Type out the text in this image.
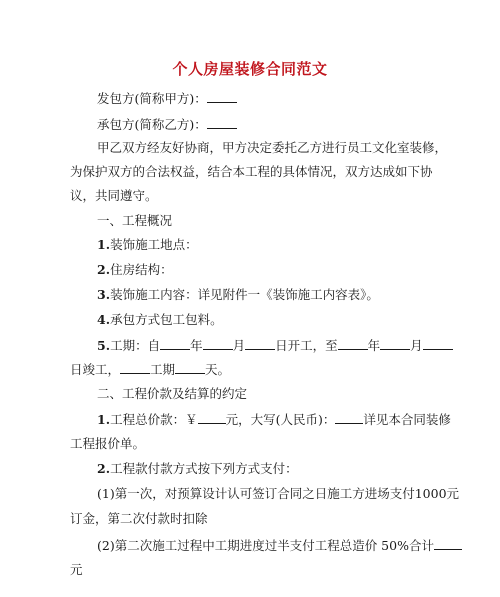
个人房屋装修合同范文
发包方(简称甲方)：
承包方(简称乙方)：
甲乙双方经友好协商，甲方决定委托乙方进行员工文化室装修，
为保护双方的合法权益，结合本工程的具体情况，双方达成如下协
议，共同遵守。
一、工程概况
1.装饰施工地点：
2.住房结构：
3.装饰施工内容：详见附件一《装饰施工内容表》。
4.承包方式包工包料。
5.工期：自 年 月 日开工，至 年 月
日竣工， 工期 天。
二、工程价款及结算的约定
1.工程总价款：￥ 元，大写(人民币)： 详见本合同装修
工程报价单。
2.工程款付款方式按下列方式支付：
(1)第一次，对预算设计认可签订合同之日施工方进场支付1000元
订金，第二次付款时扣除
(2)第二次施工过程中工期进度过半支付工程总造价 50%合计
元
